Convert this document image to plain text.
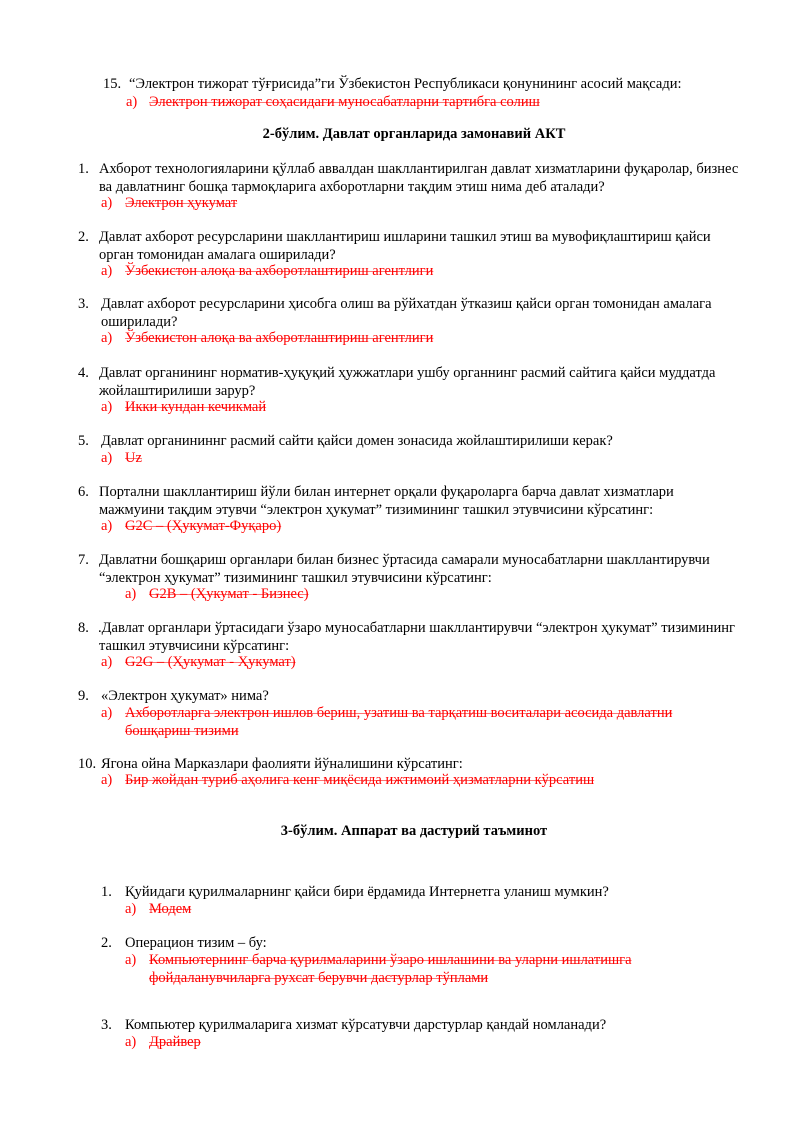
15. “Электрон тижорат тўғрисида”ги Ўзбекистон Республикаси қонунининг асосий мақсади:
а) Электрон тижорат соҳасидаги муносабатларни тартибга солиш
2-бўлим. Давлат органларида замонавий АКТ
1. Ахборот технологияларини қўллаб аввалдан шакллантирилган давлат хизматларини фуқаролар, бизнес
ва давлатнинг бошқа тармоқларига ахборотларни тақдим этиш нима деб аталади?
а) Электрон ҳукумат
2. Давлат ахборот ресурсларини шакллантириш ишларини ташкил этиш ва мувофиқлаштириш қайси
орган томонидан амалага оширилади?
а) Ўзбекистон алоқа ва ахборотлаштириш агентлиги
3. Давлат ахборот ресурсларини ҳисобга олиш ва рўйхатдан ўтказиш қайси орган томонидан амалага
оширилади?
а) Ўзбекистон алоқа ва ахборотлаштириш агентлиги
4. Давлат органининг норматив-ҳуқуқий ҳужжатлари ушбу органнинг расмий сайтига қайси муддатда
жойлаштирилиши зарур?
а) Икки кундан кечикмай
5. Давлат органининнг расмий сайти қайси домен зонасида жойлаштирилиши керак?
а) Uz
6. Портални шакллантириш йўли билан интернет орқали фуқароларга барча давлат хизматлари
мажмуини тақдим этувчи “электрон ҳукумат” тизимининг ташкил этувчисини кўрсатинг:
а) G2C – (Ҳукумат-Фуқаро)
7. Давлатни бошқариш органлари билан бизнес ўртасида самарали муносабатларни шакллантирувчи
“электрон ҳукумат” тизимининг ташкил этувчисини кўрсатинг:
а) G2B – (Ҳукумат - Бизнес)
8. .Давлат органлари ўртасидаги ўзаро муносабатларни шакллантирувчи “электрон ҳукумат” тизимининг
ташкил этувчисини кўрсатинг:
а) G2G – (Ҳукумат - Ҳукумат)
9. «Электрон ҳукумат» нима?
а) Ахборотларга электрон ишлов бериш, узатиш ва тарқатиш воситалари асосида давлатни
бошқариш тизими
10. Ягона ойна Марказлари фаолияти йўналишини кўрсатинг:
а) Бир жойдан туриб аҳолига кенг миқёсида ижтимоий ҳизматларни кўрсатиш
3-бўлим. Аппарат ва дастурий таъминот
1. Қуйидаги қурилмаларнинг қайси бири ёрдамида Интернетга уланиш мумкин?
а) Модем
2. Операцион тизим – бу:
а) Компьютернинг барча қурилмаларини ўзаро ишлашини ва уларни ишлатишга
фойдаланувчиларга рухсат берувчи дастурлар тўплами
3. Компьютер қурилмаларига хизмат кўрсатувчи дарстурлар қандай номланади?
а) Драйвер
